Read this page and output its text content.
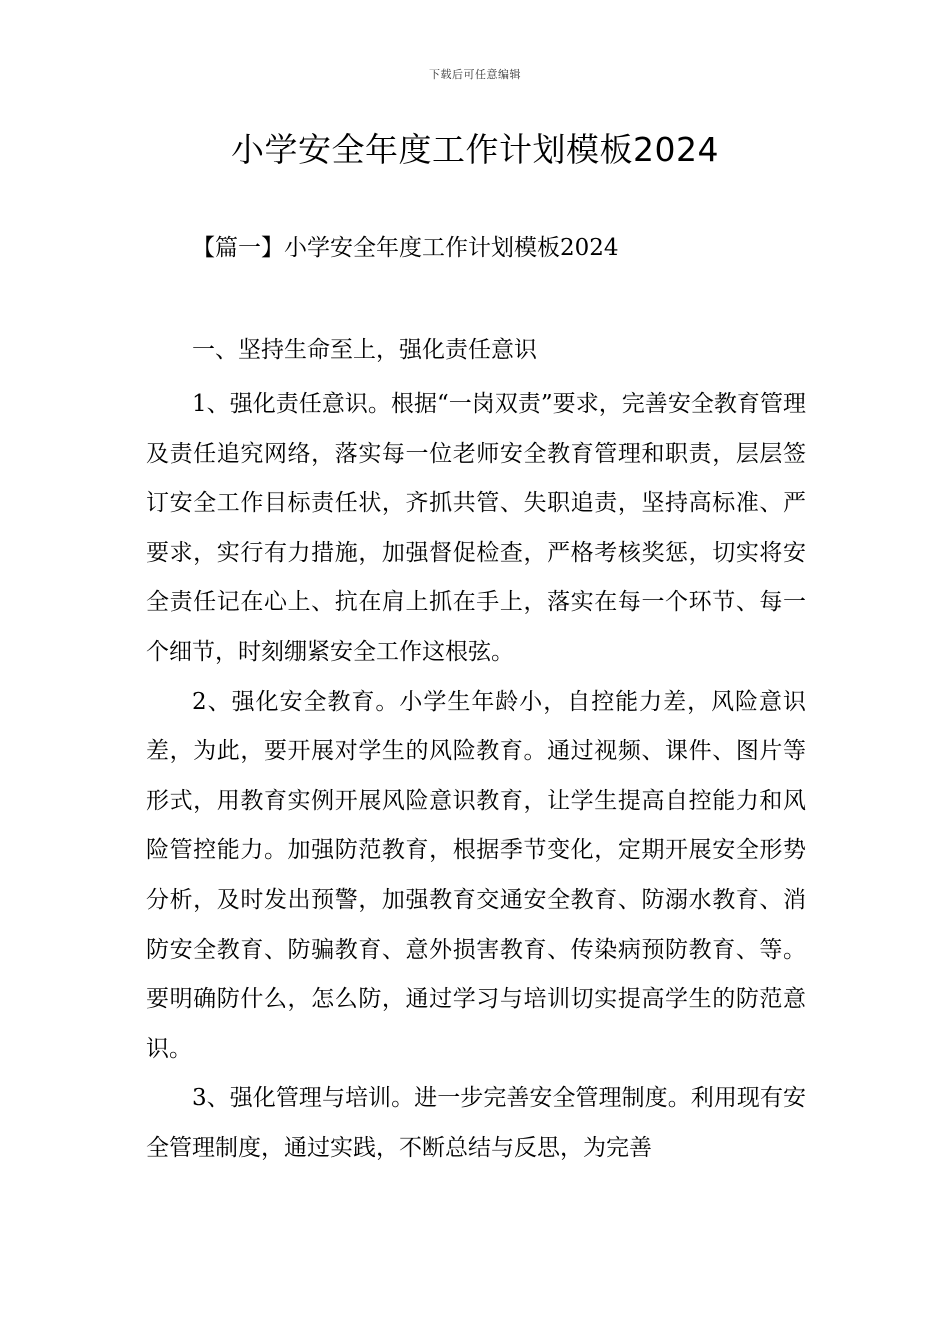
下载后可任意编辑
小学安全年度工作计划模板2024
【篇一】小学安全年度工作计划模板2024
一、坚持生命至上，强化责任意识

1、强化责任意识。根据“一岗双责”要求，完善安全教育管理及责任追究网络，落实每一位老师安全教育管理和职责，层层签订安全工作目标责任状，齐抓共管、失职追责，坚持高标准、严要求，实行有力措施，加强督促检查，严格考核奖惩，切实将安全责任记在心上、抗在肩上抓在手上，落实在每一个环节、每一个细节，时刻绷紧安全工作这根弦。

2、强化安全教育。小学生年龄小，自控能力差，风险意识差，为此，要开展对学生的风险教育。通过视频、课件、图片等形式，用教育实例开展风险意识教育，让学生提高自控能力和风险管控能力。加强防范教育，根据季节变化，定期开展安全形势分析，及时发出预警，加强教育交通安全教育、防溺水教育、消防安全教育、防骗教育、意外损害教育、传染病预防教育、等。要明确防什么，怎么防，通过学习与培训切实提高学生的防范意识。

3、强化管理与培训。进一步完善安全管理制度。利用现有安全管理制度，通过实践，不断总结与反思，为完善
